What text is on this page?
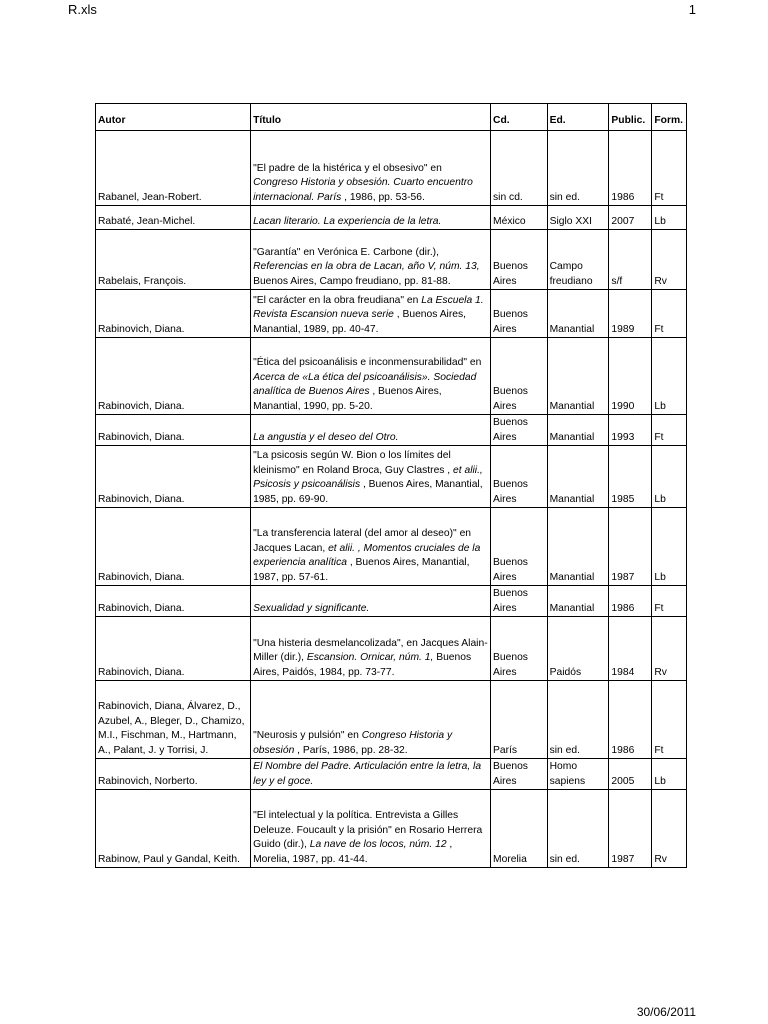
R.xls	1
Autor	Título	Cd.	Ed.	Public.	Form.
Rabanel, Jean-Robert.	"El padre de la histérica y el obsesivo" en Congreso Historia y obsesión. Cuarto encuentro internacional. París , 1986, pp. 53-56.	sin cd.	sin ed.	1986	Ft
Rabaté, Jean-Michel.	Lacan literario. La experiencia de la letra.	México	Siglo XXI	2007	Lb
Rabelais, François.	"Garantía" en Verónica E. Carbone (dir.), Referencias en la obra de Lacan, año V, núm. 13, Buenos Aires, Campo freudiano, pp. 81-88.	Buenos Aires	Campo freudiano	s/f	Rv
Rabinovich, Diana.	"El carácter en la obra freudiana" en La Escuela 1. Revista Escansion nueva serie , Buenos Aires, Manantial, 1989, pp. 40-47.	Buenos Aires	Manantial	1989	Ft
Rabinovich, Diana.	"Ética del psicoanálisis e inconmensurabilidad" en Acerca de «La ética del psicoanálisis». Sociedad analítica de Buenos Aires , Buenos Aires, Manantial, 1990, pp. 5-20.	Buenos Aires	Manantial	1990	Lb
Rabinovich, Diana.	La angustia y el deseo del Otro.	Buenos Aires	Manantial	1993	Ft
Rabinovich, Diana.	"La psicosis según W. Bion o los límites del kleinismo" en Roland Broca, Guy Clastres , et alii., Psicosis y psicoanálisis , Buenos Aires, Manantial, 1985, pp. 69-90.	Buenos Aires	Manantial	1985	Lb
Rabinovich, Diana.	"La transferencia lateral (del amor al deseo)" en Jacques Lacan, et alii. , Momentos cruciales de la experiencia analítica , Buenos Aires, Manantial, 1987, pp. 57-61.	Buenos Aires	Manantial	1987	Lb
Rabinovich, Diana.	Sexualidad y significante.	Buenos Aires	Manantial	1986	Ft
Rabinovich, Diana.	"Una histeria desmelancolizada", en Jacques Alain- Miller (dir.), Escansion. Ornicar, núm. 1, Buenos Aires, Paidós, 1984, pp. 73-77.	Buenos Aires	Paidós	1984	Rv
Rabinovich, Diana, Álvarez, D., Azubel, A., Bleger, D., Chamizo, M.I., Fischman, M., Hartmann, A., Palant, J. y Torrisi, J.	"Neurosis y pulsión" en Congreso Historia y obsesión , París, 1986, pp. 28-32.	París	sin ed.	1986	Ft
Rabinovich, Norberto.	El Nombre del Padre. Articulación entre la letra, la ley y el goce.	Buenos Aires	Homo sapiens	2005	Lb
Rabinow, Paul y Gandal, Keith.	"El intelectual y la política. Entrevista a Gilles Deleuze. Foucault y la prisión" en Rosario Herrera Guido (dir.), La nave de los locos, núm. 12 , Morelia, 1987, pp. 41-44.	Morelia	sin ed.	1987	Rv
30/06/2011
